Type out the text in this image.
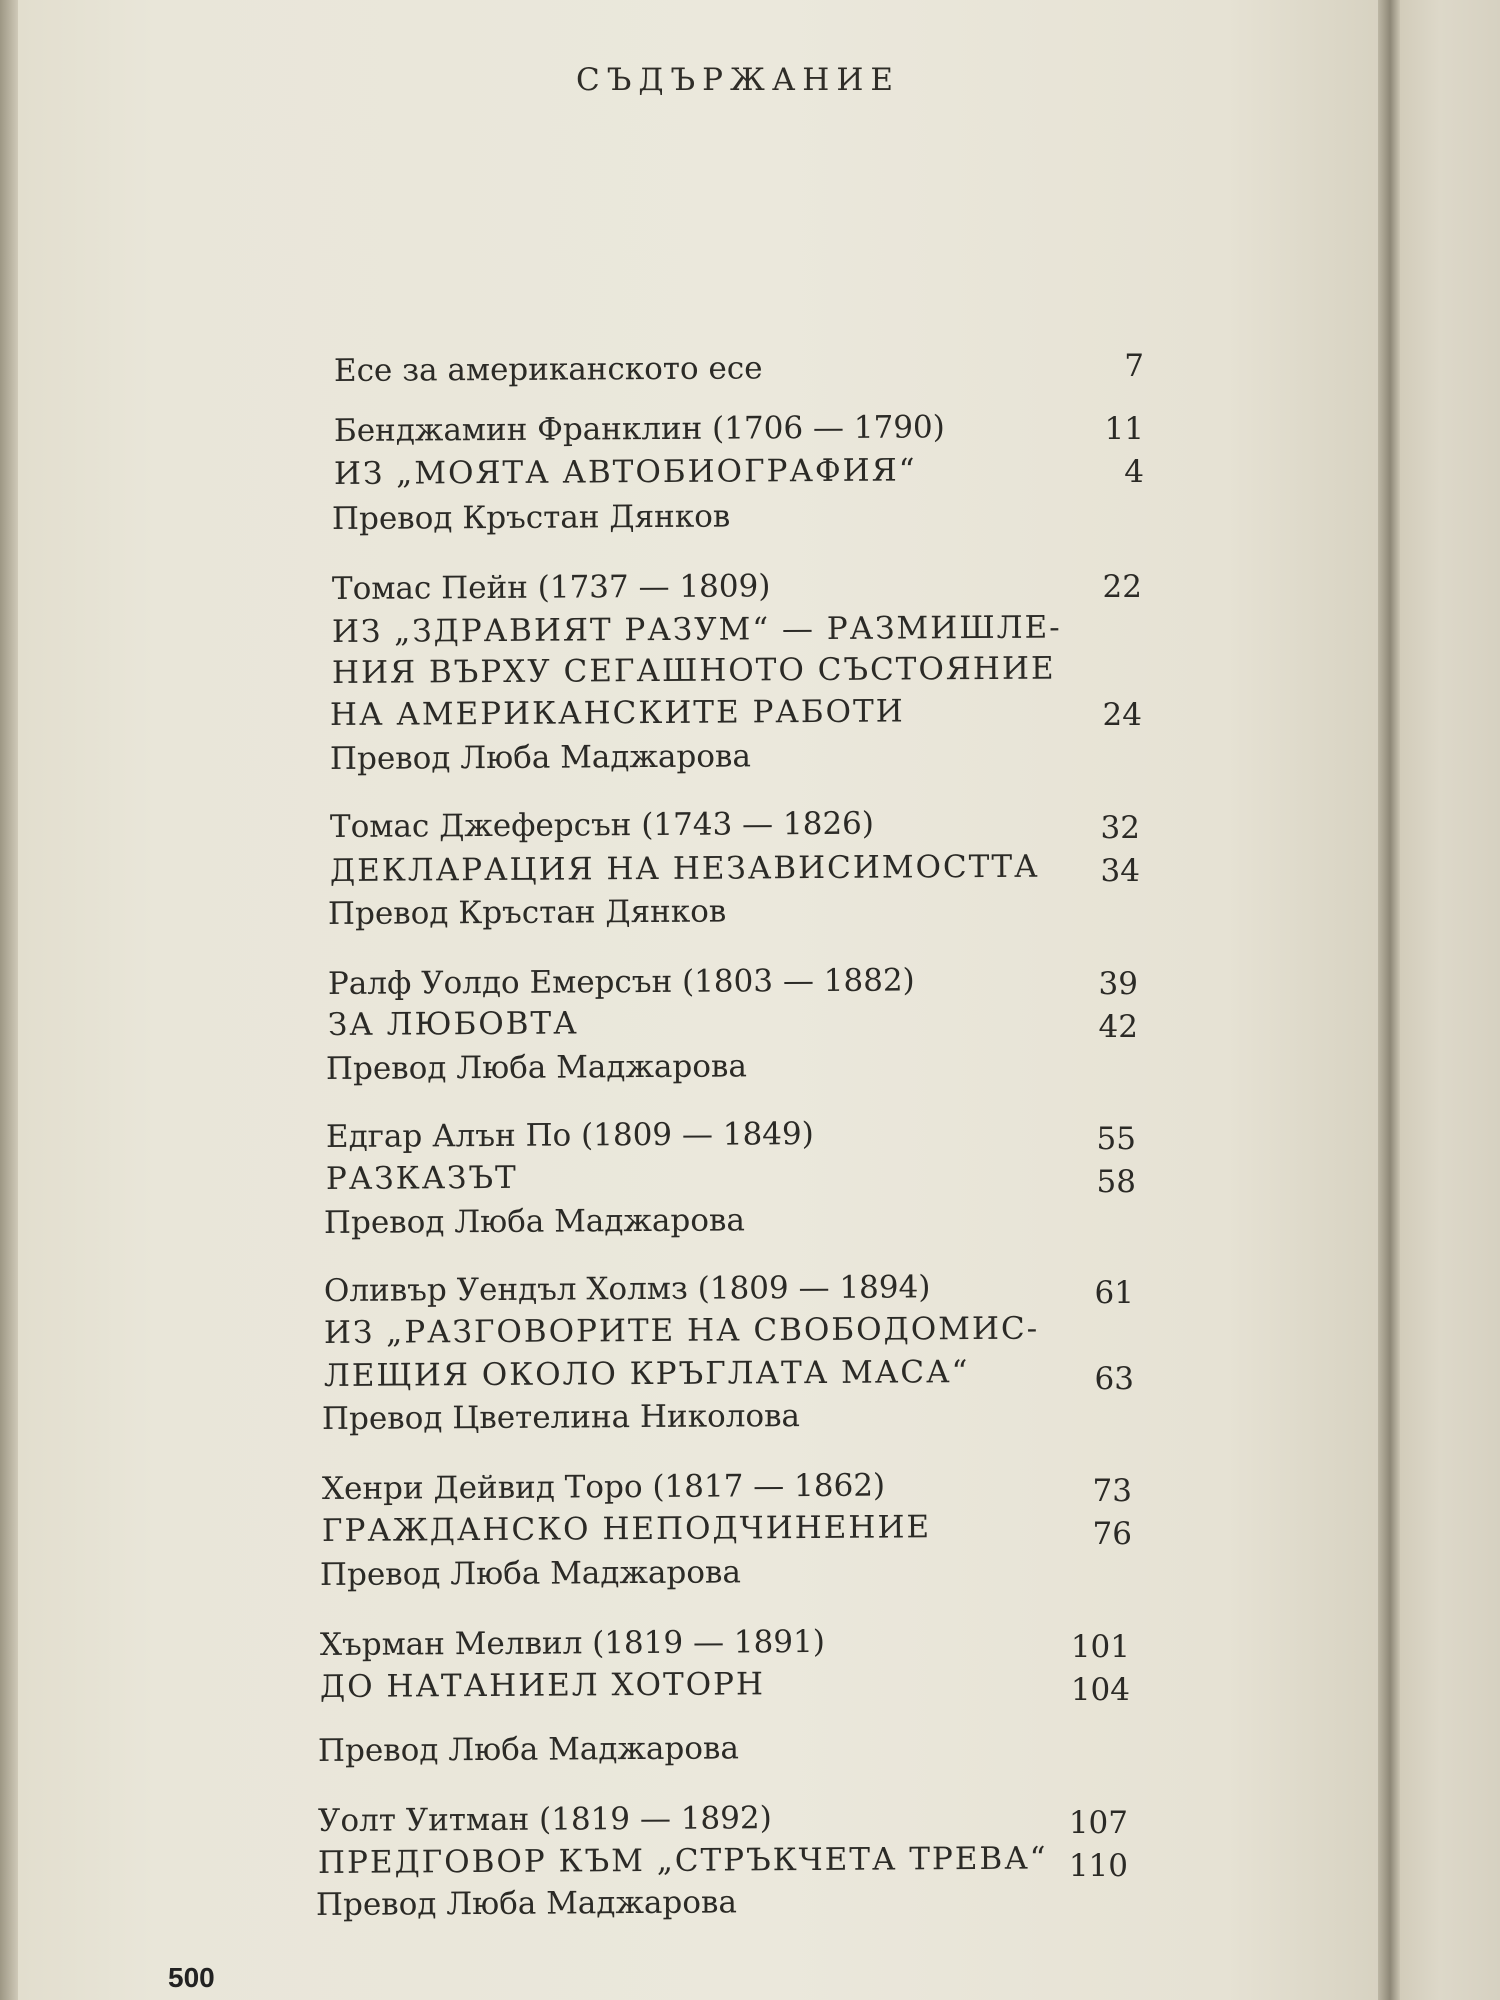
СЪДЪРЖАНИЕ
Есе за американското есе	7
Бенджамин Франклин (1706 — 1790)	11
ИЗ „МОЯТА АВТОБИОГРАФИЯ“	4
Превод Кръстан Дянков
Томас Пейн (1737 — 1809)	22
ИЗ „ЗДРАВИЯТ РАЗУМ“ — РАЗМИШЛЕ-
НИЯ ВЪРХУ СЕГАШНОТО СЪСТОЯНИЕ
НА АМЕРИКАНСКИТЕ РАБОТИ	24
Превод Люба Маджарова
Томас Джеферсън (1743 — 1826)	32
ДЕКЛАРАЦИЯ НА НЕЗАВИСИМОСТТА	34
Превод Кръстан Дянков
Ралф Уолдо Емерсън (1803 — 1882)	39
ЗА ЛЮБОВТА	42
Превод Люба Маджарова
Едгар Алън По (1809 — 1849)	55
РАЗКАЗЪТ	58
Превод Люба Маджарова
Оливър Уендъл Холмз (1809 — 1894)	61
ИЗ „РАЗГОВОРИТЕ НА СВОБОДОМИС-
ЛЕЩИЯ ОКОЛО КРЪГЛАТА МАСА“	63
Превод Цветелина Николова
Хенри Дейвид Торо (1817 — 1862)	73
ГРАЖДАНСКО НЕПОДЧИНЕНИЕ	76
Превод Люба Маджарова
Хърман Мелвил (1819 — 1891)	101
ДО НАТАНИЕЛ ХОТОРН	104
Превод Люба Маджарова
Уолт Уитман (1819 — 1892)	107
ПРЕДГОВОР КЪМ „СТРЪКЧЕТА ТРЕВА“ 110
Превод Люба Маджарова
500
